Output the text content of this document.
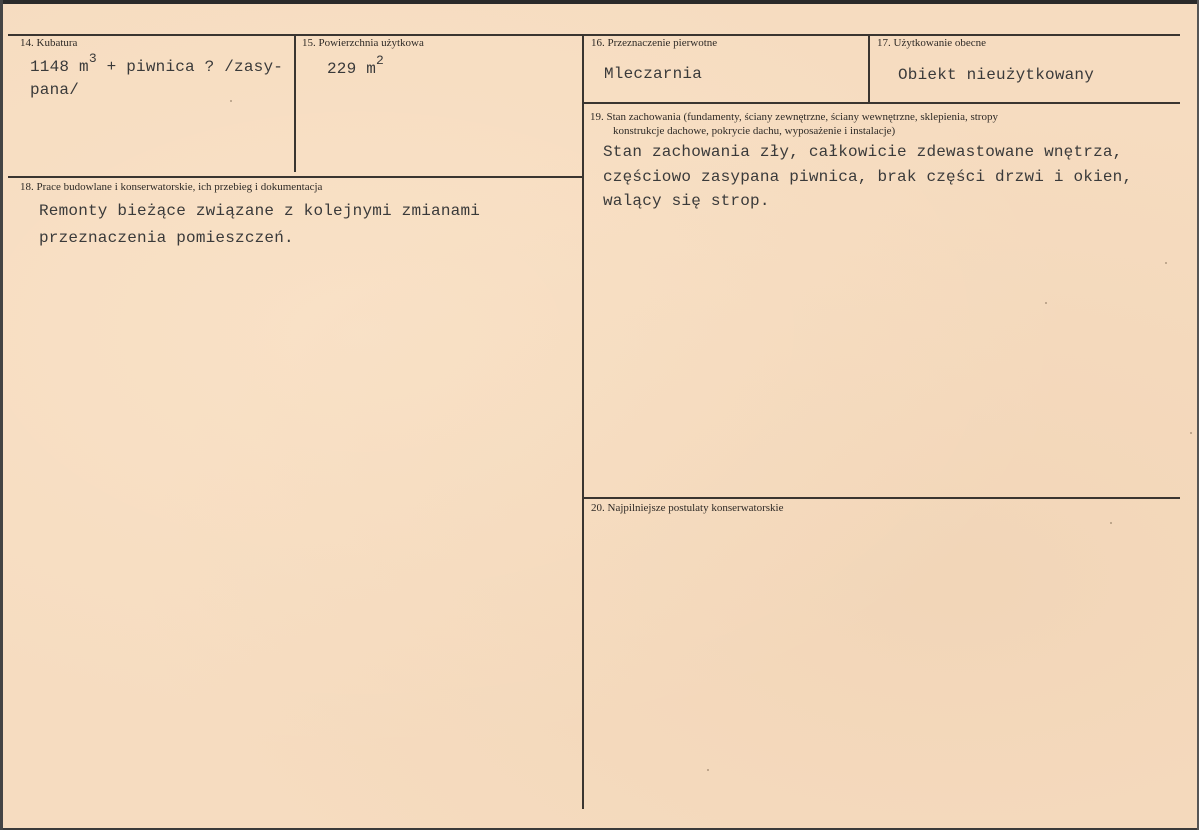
14. Kubatura
1148 $m^3$ + piwnica ? /zasy-
pana/
15. Powierzchnia użytkowa
229 $m^2$
16. Przeznaczenie pierwotne
Mleczarnia
17. Użytkowanie obecne
Obiekt nieużytkowany
19. Stan zachowania (fundamenty, ściany zewnętrzne, ściany wewnętrzne, sklepienia, stropy
konstrukcje dachowe, pokrycie dachu, wyposażenie i instalacje)
Stan zachowania zły, całkowicie zdewastowane wnętrza,
częściowo zasypana piwnica, brak części drzwi i okien,
walący się strop.
18. Prace budowlane i konserwatorskie, ich przebieg i dokumentacja
Remonty bieżące związane z kolejnymi zmianami
przeznaczenia pomieszczeń.
20. Najpilniejsze postulaty konserwatorskie
